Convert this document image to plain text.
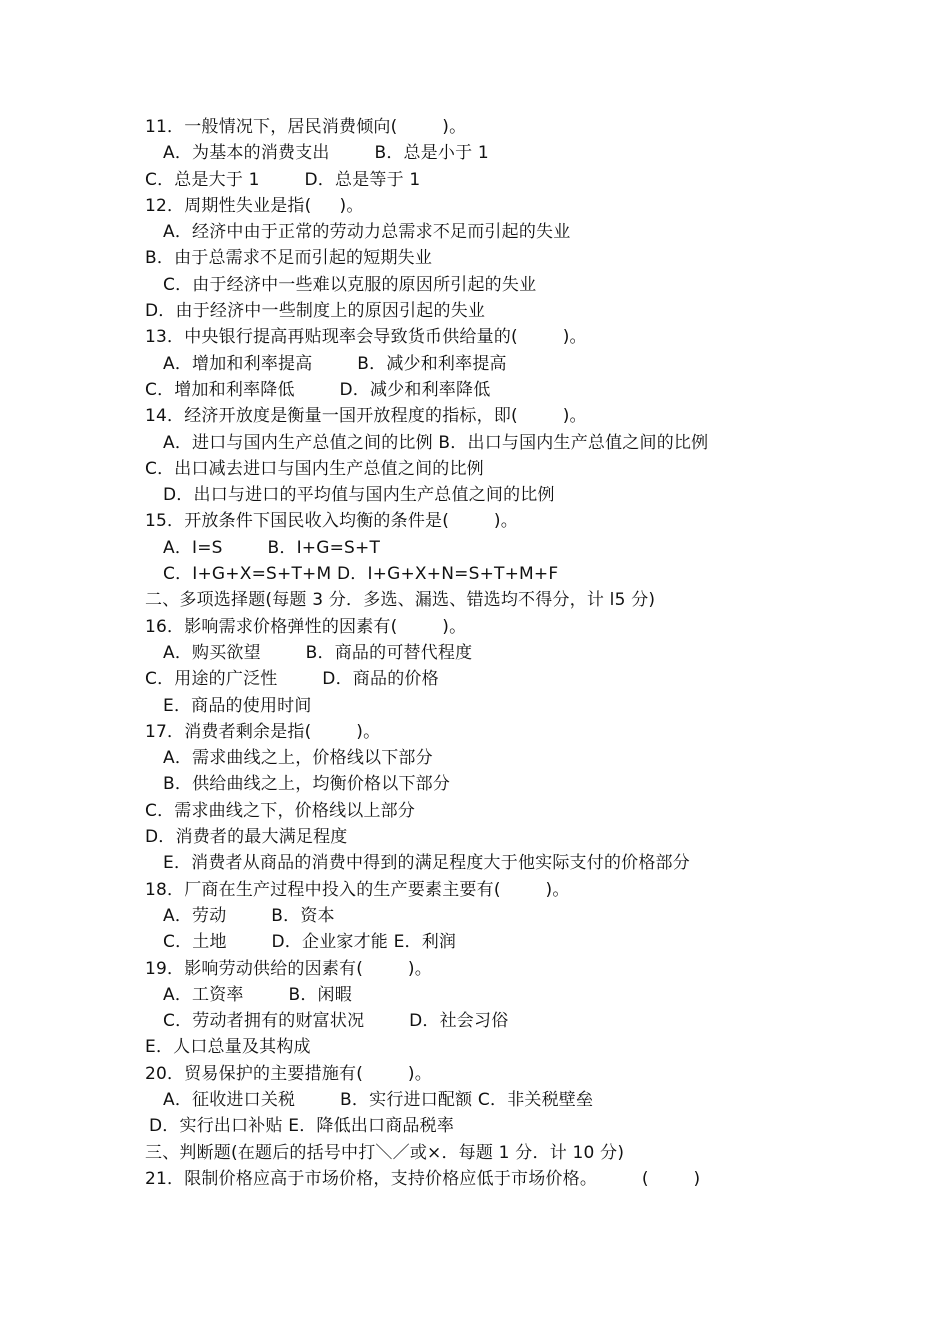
11．一般情况下，居民消费倾向(        )。
A．为基本的消费支出        B．总是小于 1
C．总是大于 1        D．总是等于 1
12．周期性失业是指(     )。
A．经济中由于正常的劳动力总需求不足而引起的失业
B．由于总需求不足而引起的短期失业
C．由于经济中一些难以克服的原因所引起的失业
D．由于经济中一些制度上的原因引起的失业
13．中央银行提高再贴现率会导致货币供给量的(        )。
A．增加和利率提高        B．减少和利率提高
C．增加和利率降低        D．减少和利率降低
14．经济开放度是衡量一国开放程度的指标，即(        )。
A．进口与国内生产总值之间的比例 B．出口与国内生产总值之间的比例
C．出口减去进口与国内生产总值之间的比例
D．出口与进口的平均值与国内生产总值之间的比例
15．开放条件下国民收入均衡的条件是(        )。
A．I=S        B．I+G=S+T
C．I+G+X=S+T+M D．I+G+X+N=S+T+M+F
二、多项选择题(每题 3 分．多选、漏选、错选均不得分，计 l5 分)
16．影响需求价格弹性的因素有(        )。
A．购买欲望        B．商品的可替代程度
C．用途的广泛性        D．商品的价格
E．商品的使用时间
17．消费者剩余是指(        )。
A．需求曲线之上，价格线以下部分
B．供给曲线之上，均衡价格以下部分
C．需求曲线之下，价格线以上部分
D．消费者的最大满足程度
E．消费者从商品的消费中得到的满足程度大于他实际支付的价格部分
18．厂商在生产过程中投入的生产要素主要有(        )。
A．劳动        B．资本
C．土地        D．企业家才能 E．利润
19．影响劳动供给的因素有(        )。
A．工资率        B．闲暇
C．劳动者拥有的财富状况        D．社会习俗
E．人口总量及其构成
20．贸易保护的主要措施有(        )。
A．征收进口关税        B．实行进口配额 C．非关税壁垒
D．实行出口补贴 E．降低出口商品税率
三、判断题(在题后的括号中打＼／或×．每题 1 分．计 10 分)
21．限制价格应高于市场价格，支持价格应低于市场价格。        (        )
